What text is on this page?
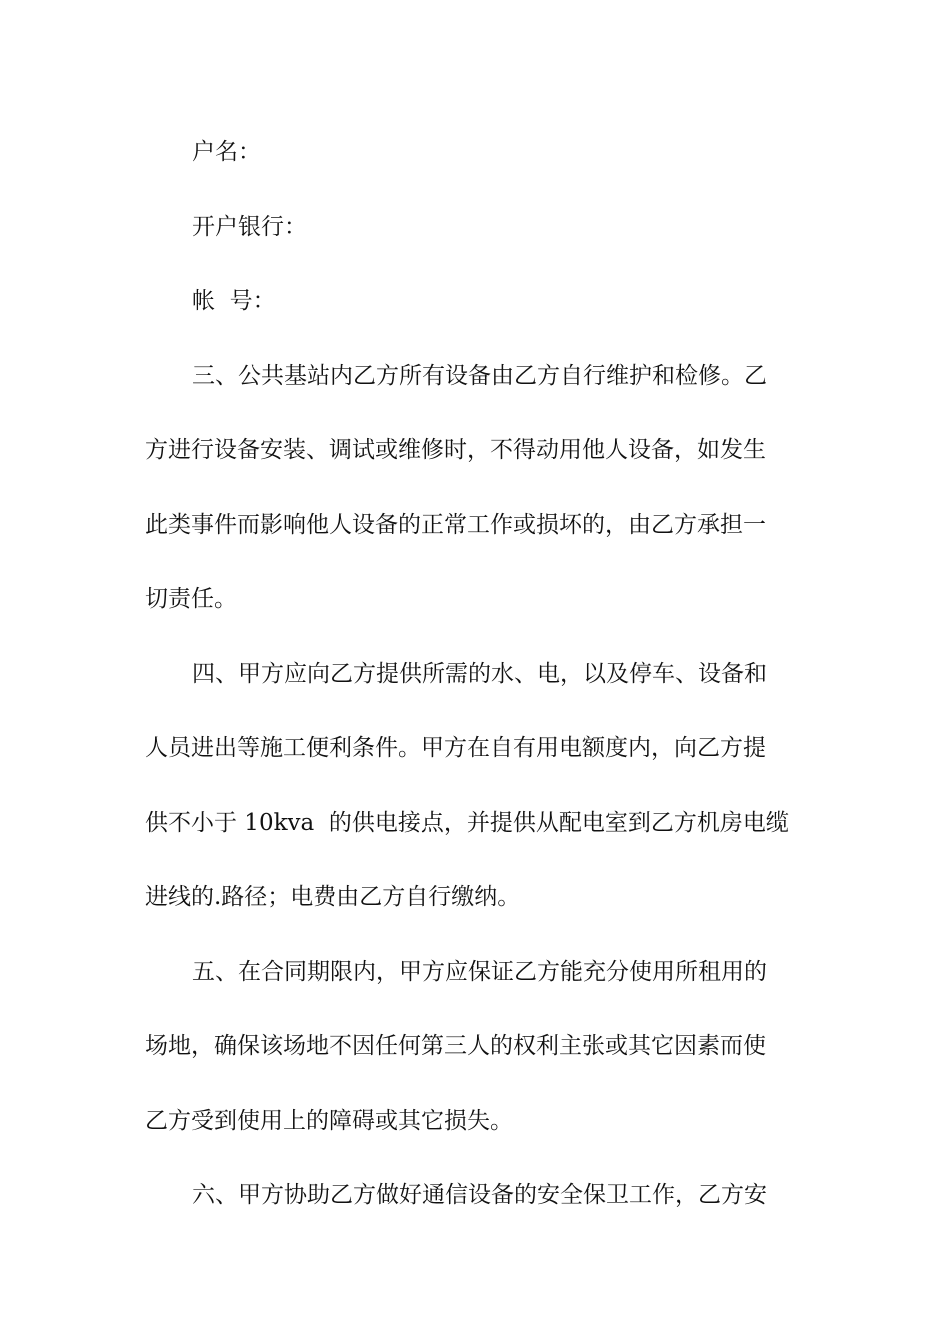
户名：
开户银行：
帐  号：
三、公共基站内乙方所有设备由乙方自行维护和检修。乙
方进行设备安装、调试或维修时，不得动用他人设备，如发生
此类事件而影响他人设备的正常工作或损坏的，由乙方承担一
切责任。
四、甲方应向乙方提供所需的水、电，以及停车、设备和
人员进出等施工便利条件。甲方在自有用电额度内，向乙方提
供不小于 10kva  的供电接点，并提供从配电室到乙方机房电缆
进线的.路径；电费由乙方自行缴纳。
五、在合同期限内，甲方应保证乙方能充分使用所租用的
场地，确保该场地不因任何第三人的权利主张或其它因素而使
乙方受到使用上的障碍或其它损失。
六、甲方协助乙方做好通信设备的安全保卫工作，乙方安
